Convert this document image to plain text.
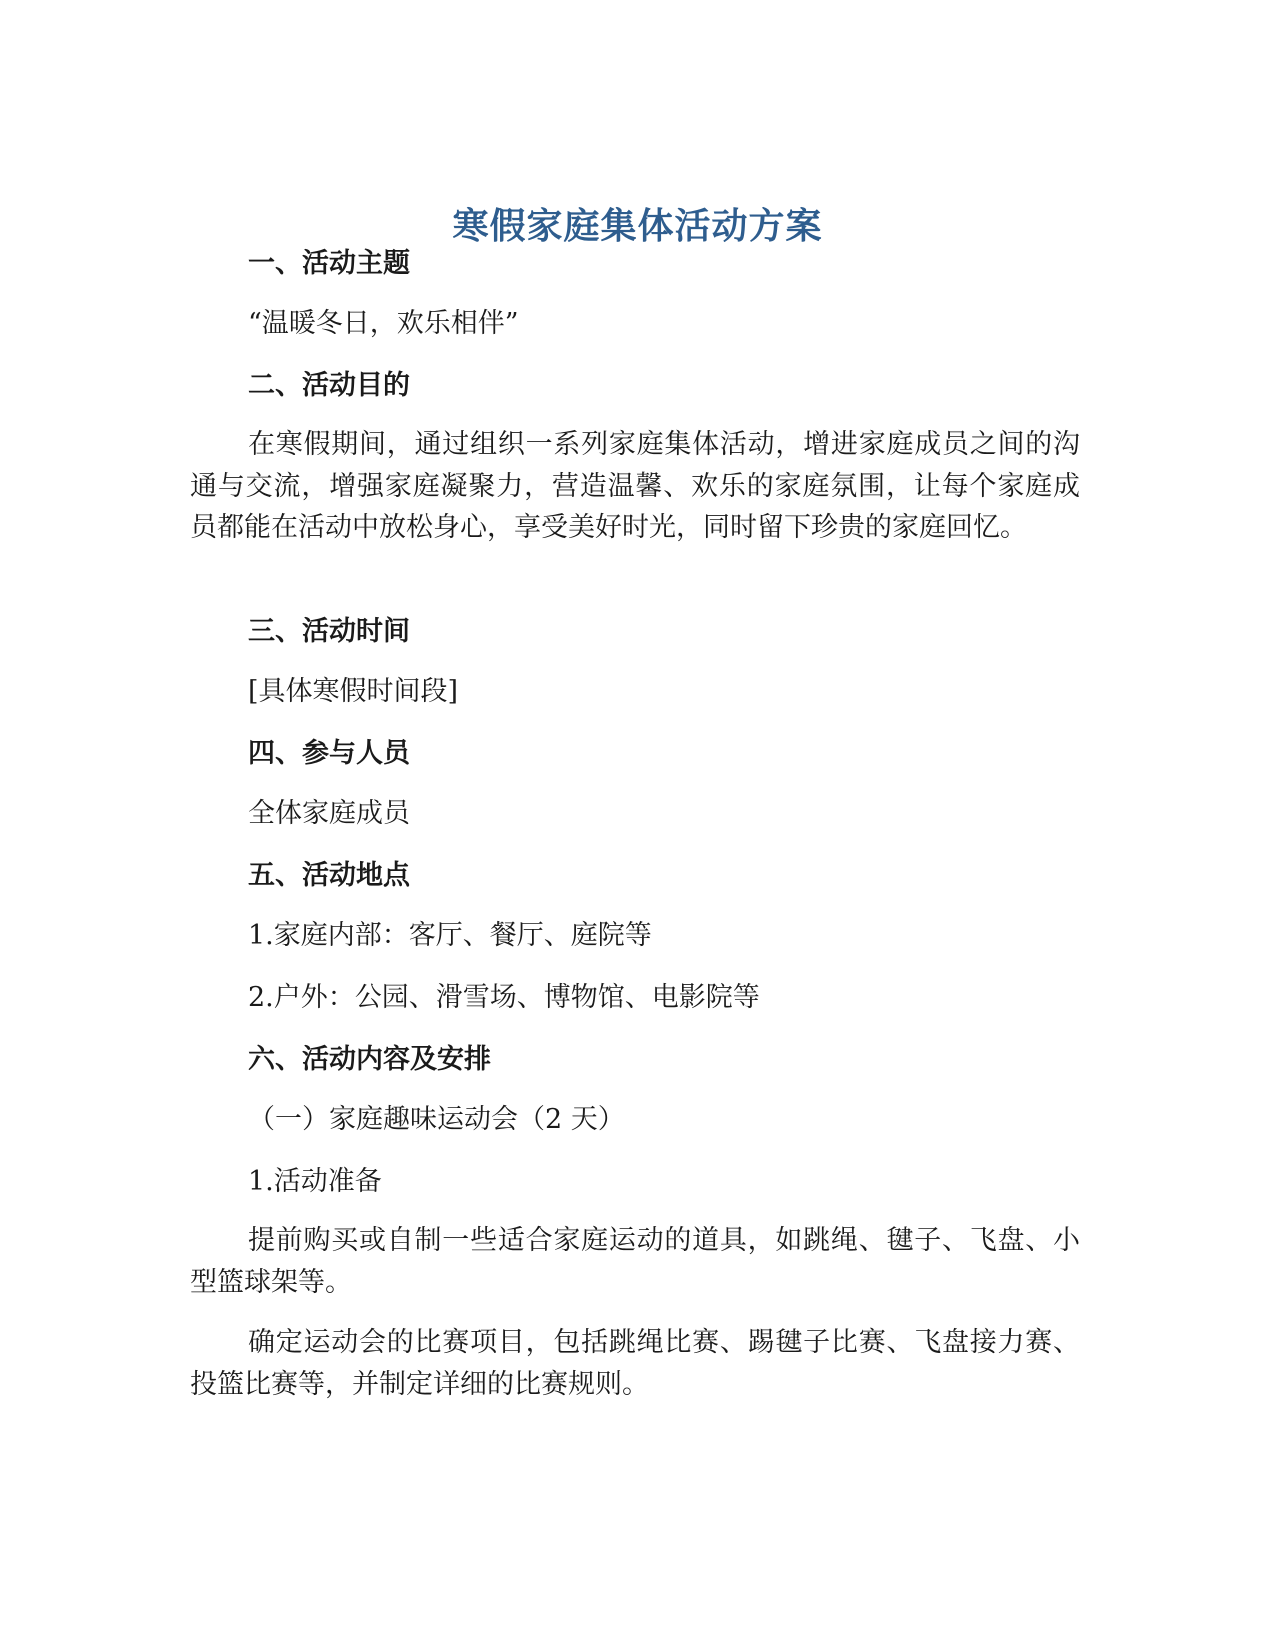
寒假家庭集体活动方案
一、活动主题
“温暖冬日，欢乐相伴”
二、活动目的
在寒假期间，通过组织一系列家庭集体活动，增进家庭成员之间的沟通与交流，增强家庭凝聚力，营造温馨、欢乐的家庭氛围，让每个家庭成员都能在活动中放松身心，享受美好时光，同时留下珍贵的家庭回忆。
三、活动时间
[具体寒假时间段]
四、参与人员
全体家庭成员
五、活动地点
1.家庭内部：客厅、餐厅、庭院等
2.户外：公园、滑雪场、博物馆、电影院等
六、活动内容及安排
（一）家庭趣味运动会（2 天）
1.活动准备
提前购买或自制一些适合家庭运动的道具，如跳绳、毽子、飞盘、小型篮球架等。
确定运动会的比赛项目，包括跳绳比赛、踢毽子比赛、飞盘接力赛、投篮比赛等，并制定详细的比赛规则。
